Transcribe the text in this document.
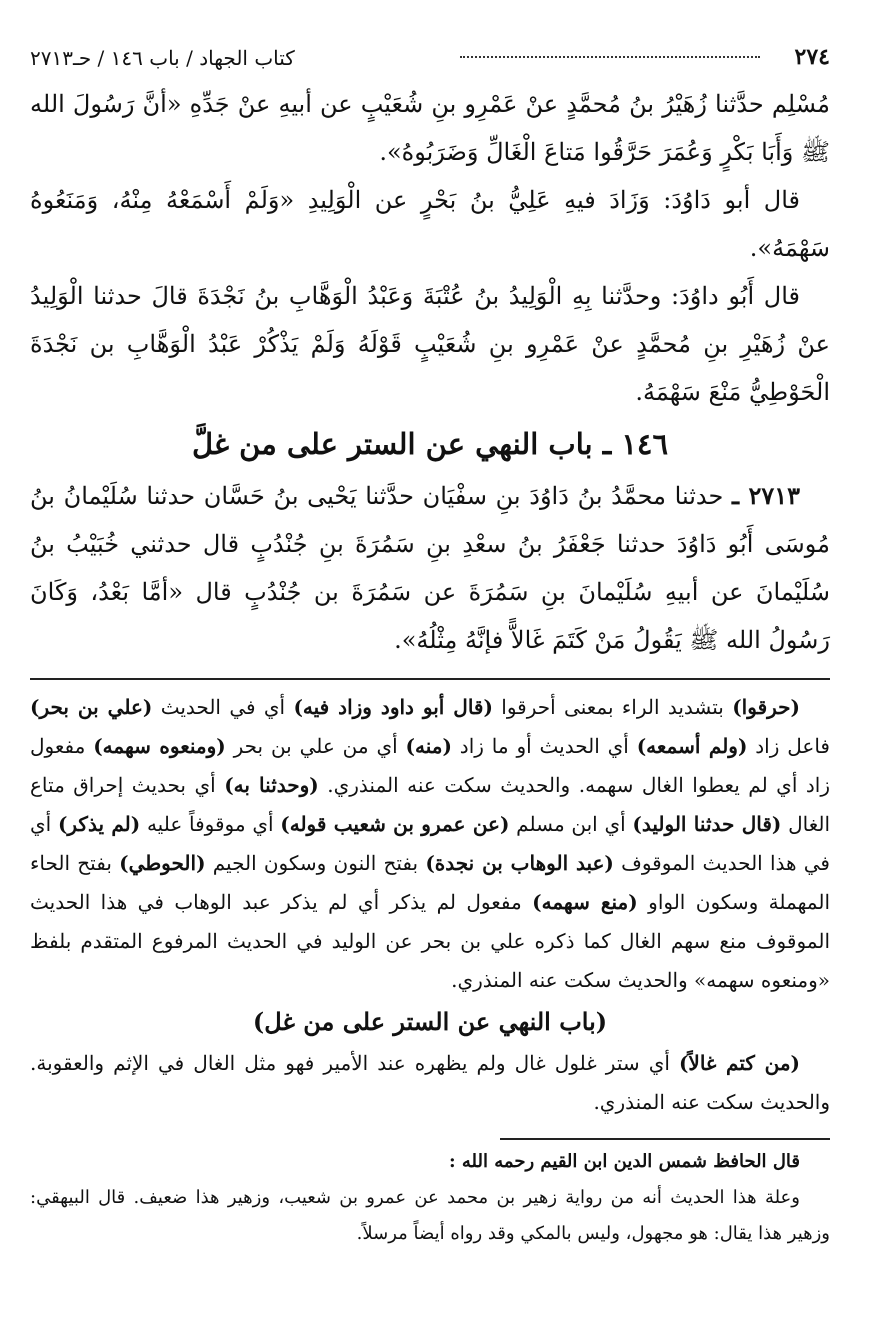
٢٧٤
كتاب الجهاد / باب ١٤٦ / حـ٢٧١٣

مُسْلِم حدَّثنا زُهَيْرُ بنُ مُحمَّدٍ عنْ عَمْرِو بنِ شُعَيْبٍ عن أبيهِ عنْ جَدِّهِ «أنَّ رَسُولَ الله ﷺ وَأَبَا بَكْرٍ وَعُمَرَ حَرَّقُوا مَتاعَ الْغَالِّ وَضَرَبُوهُ».

قال أبو دَاوُدَ: وَزَادَ فيهِ عَلِيُّ بنُ بَحْرٍ عن الْوَلِيدِ «وَلَمْ أَسْمَعْهُ مِنْهُ، وَمَنَعُوهُ سَهْمَهُ».

قال أَبُو داوُدَ: وحدَّثنا بِهِ الْوَلِيدُ بنُ عُتْبَةَ وَعَبْدُ الْوَهَّابِ بنُ نَجْدَةَ قالَ حدثنا الْوَلِيدُ عنْ زُهَيْرِ بنِ مُحمَّدٍ عنْ عَمْرِو بنِ شُعَيْبٍ قَوْلَهُ وَلَمْ يَذْكُرْ عَبْدُ الْوَهَّابِ بن نَجْدَةَ الْحَوْطِيُّ مَنْعَ سَهْمَهُ.

١٤٦ ـ باب النهي عن الستر على من غلَّ

٢٧١٣ ـ حدثنا محمَّدُ بنُ دَاوُدَ بنِ سفْيَان حدَّثنا يَحْيى بنُ حَسَّان حدثنا سُلَيْمانُ بنُ مُوسَى أَبُو دَاوُدَ حدثنا جَعْفَرُ بنُ سعْدِ بنِ سَمُرَةَ بنِ جُنْدُبٍ قال حدثني خُبَيْبُ بنُ سُلَيْمانَ عن أبيهِ سُلَيْمانَ بنِ سَمُرَةَ عن سَمُرَةَ بن جُنْدُبٍ قال «أمَّا بَعْدُ، وَكَانَ رَسُولُ الله ﷺ يَقُولُ مَنْ كَتَمَ غَالاًّ فإنَّهُ مِثْلُهُ».

(حرقوا) بتشديد الراء بمعنى أحرقوا (قال أبو داود وزاد فيه) أي في الحديث (علي بن بحر) فاعل زاد (ولم أسمعه) أي الحديث أو ما زاد (منه) أي من علي بن بحر (ومنعوه سهمه) مفعول زاد أي لم يعطوا الغال سهمه. والحديث سكت عنه المنذري. (وحدثنا به) أي بحديث إحراق متاع الغال (قال حدثنا الوليد) أي ابن مسلم (عن عمرو بن شعيب قوله) أي موقوفاً عليه (لم يذكر) أي في هذا الحديث الموقوف (عبد الوهاب بن نجدة) بفتح النون وسكون الجيم (الحوطي) بفتح الحاء المهملة وسكون الواو (منع سهمه) مفعول لم يذكر أي لم يذكر عبد الوهاب في هذا الحديث الموقوف منع سهم الغال كما ذكره علي بن بحر عن الوليد في الحديث المرفوع المتقدم بلفظ «ومنعوه سهمه» والحديث سكت عنه المنذري.

(باب النهي عن الستر على من غل)

(من كتم غالاً) أي ستر غلول غال ولم يظهره عند الأمير فهو مثل الغال في الإثم والعقوبة. والحديث سكت عنه المنذري.

قال الحافظ شمس الدين ابن القيم رحمه الله :

وعلة هذا الحديث أنه من رواية زهير بن محمد عن عمرو بن شعيب، وزهير هذا ضعيف. قال البيهقي: وزهير هذا يقال: هو مجهول، وليس بالمكي وقد رواه أيضاً مرسلاً.
